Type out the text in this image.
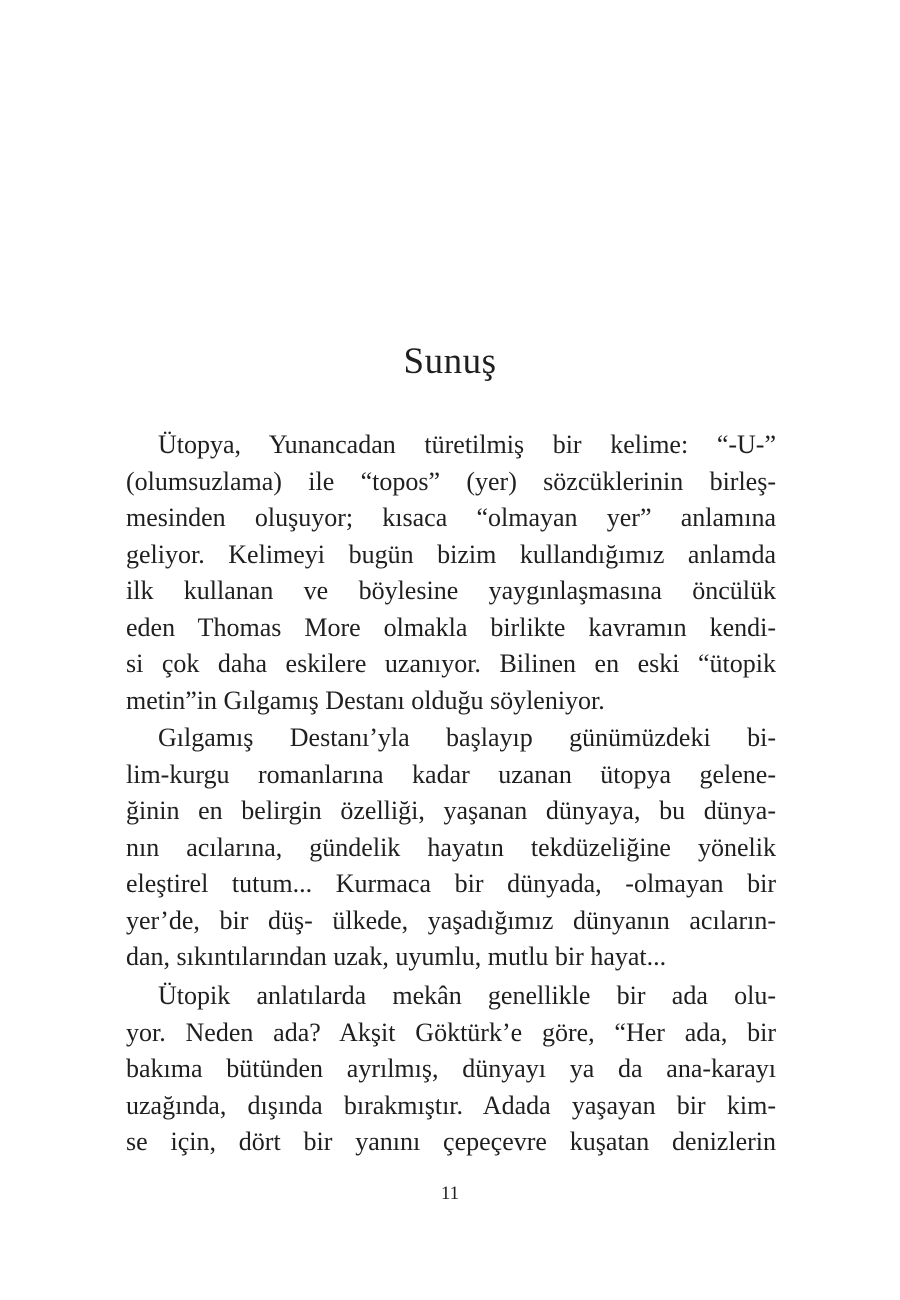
Sunuş
Ütopya, Yunancadan türetilmiş bir kelime: “-U-”
(olumsuzlama) ile “topos” (yer) sözcüklerinin birleş-
mesinden oluşuyor; kısaca “olmayan yer” anlamına
geliyor. Kelimeyi bugün bizim kullandığımız anlamda
ilk kullanan ve böylesine yaygınlaşmasına öncülük
eden Thomas More olmakla birlikte kavramın kendi-
si çok daha eskilere uzanıyor. Bilinen en eski “ütopik
metin”in Gılgamış Destanı olduğu söyleniyor.
Gılgamış Destanı’yla başlayıp günümüzdeki bi-
lim-kurgu romanlarına kadar uzanan ütopya gelene-
ğinin en belirgin özelliği, yaşanan dünyaya, bu dünya-
nın acılarına, gündelik hayatın tekdüzeliğine yönelik
eleştirel tutum... Kurmaca bir dünyada, -olmayan bir
yer’de, bir düş- ülkede, yaşadığımız dünyanın acıların-
dan, sıkıntılarından uzak, uyumlu, mutlu bir hayat...
Ütopik anlatılarda mekân genellikle bir ada olu-
yor. Neden ada? Akşit Göktürk’e göre, “Her ada, bir
bakıma bütünden ayrılmış, dünyayı ya da ana-karayı
uzağında, dışında bırakmıştır. Adada yaşayan bir kim-
se için, dört bir yanını çepeçevre kuşatan denizlerin
11
